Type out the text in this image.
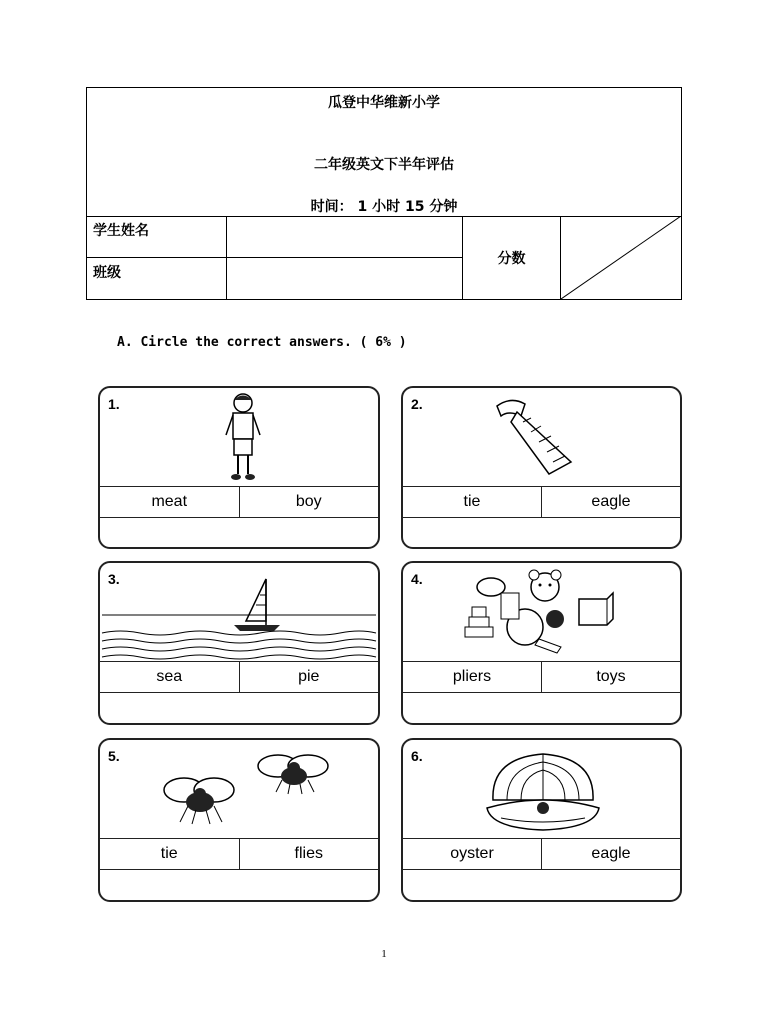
瓜登中华维新小学
二年级英文下半年评估
时间： 1 小时 15 分钟
学生姓名
班级
分数
A. Circle the correct answers. ( 6% )
1.
meat	boy
2.
tie	eagle
3.
sea	pie
4.
pliers	toys
5.
tie	flies
6.
oyster	eagle
1
